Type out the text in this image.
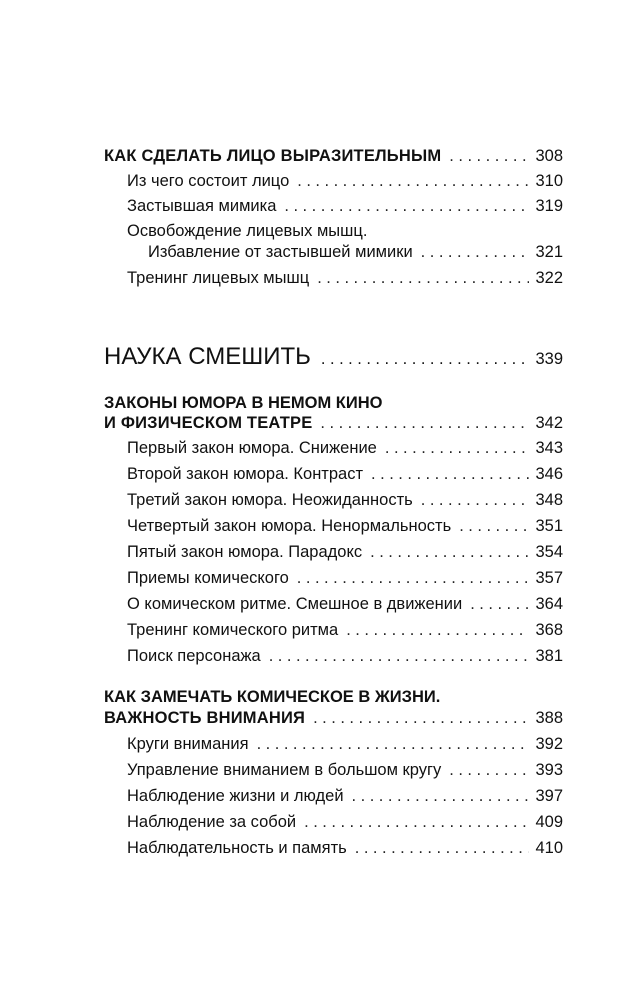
КАК СДЕЛАТЬ ЛИЦО ВЫРАЗИТЕЛЬНЫМ .....	308
Из чего состоит лицо .....	310
Застывшая мимика .....	319
Освобождение лицевых мышц.
Избавление от застывшей мимики .....	321
Тренинг лицевых мышц .....	322
НАУКА СМЕШИТЬ .....	339
ЗАКОНЫ ЮМОРА В НЕМОМ КИНО
И ФИЗИЧЕСКОМ ТЕАТРЕ .....	342
Первый закон юмора. Снижение .....	343
Второй закон юмора. Контраст .....	346
Третий закон юмора. Неожиданность .....	348
Четвертый закон юмора. Ненормальность .....	351
Пятый закон юмора. Парадокс .....	354
Приемы комического .....	357
О комическом ритме. Смешное в движении .....	364
Тренинг комического ритма .....	368
Поиск персонажа .....	381
КАК ЗАМЕЧАТЬ КОМИЧЕСКОЕ В ЖИЗНИ.
ВАЖНОСТЬ ВНИМАНИЯ .....	388
Круги внимания .....	392
Управление вниманием в большом кругу .....	393
Наблюдение жизни и людей .....	397
Наблюдение за собой .....	409
Наблюдательность и память .....	410
